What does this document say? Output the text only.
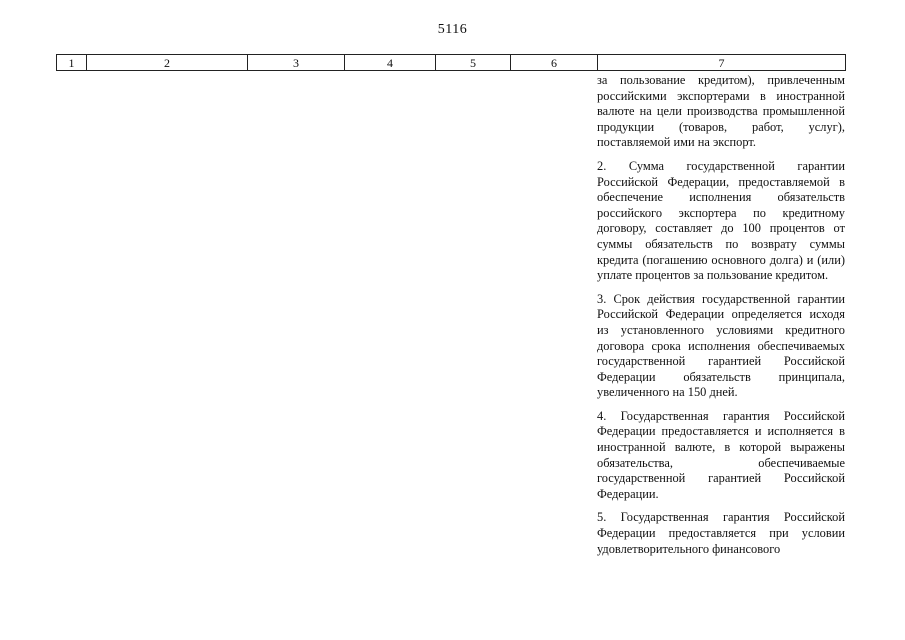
5116
1	2	3	4	5	6	7

за пользование кредитом), привлеченным российскими экспортерами в иностранной валюте на цели производства промышленной продукции (товаров, работ, услуг), поставляемой ими на экспорт.

2. Сумма государственной гарантии Российской Федерации, предоставляемой в обеспечение исполнения обязательств российского экспортера по кредитному договору, составляет до 100 процентов от суммы обязательств по возврату суммы кредита (погашению основного долга) и (или) уплате процентов за пользование кредитом.

3. Срок действия государственной гарантии Российской Федерации определяется исходя из установленного условиями кредитного договора срока исполнения обеспечиваемых государственной гарантией Российской Федерации обязательств принципала, увеличенного на 150 дней.

4. Государственная гарантия Российской Федерации предоставляется и исполняется в иностранной валюте, в которой выражены обязательства, обеспечиваемые государственной гарантией Российской Федерации.

5. Государственная гарантия Российской Федерации предоставляется при условии удовлетворительного финансового
